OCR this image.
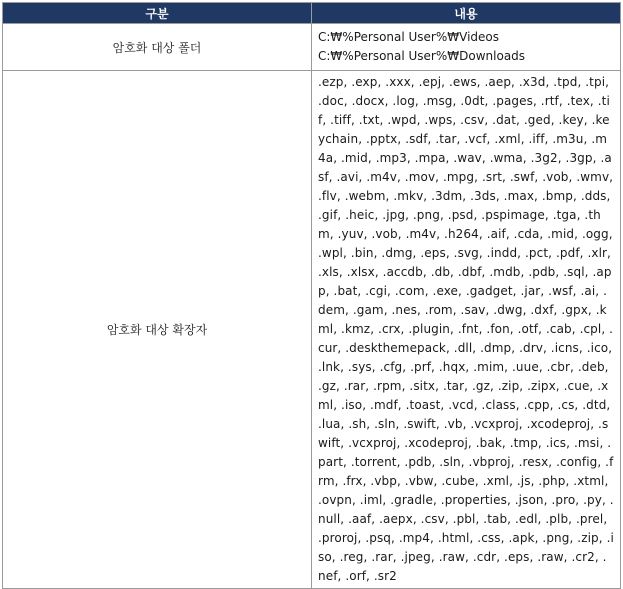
구분	내용
암호화 대상 폴더	C:₩%Personal User%₩Videos
C:₩%Personal User%₩Downloads

암호화 대상 확장자	.ezp, .exp, .xxx, .epj, .ews, .aep, .x3d, .tpd, .tpi, .doc, .docx, .log, .msg, .0dt, .pages, .rtf, .tex, .tif, .tiff, .txt, .wpd, .wps, .csv, .dat, .ged, .key, .keychain, .pptx, .sdf, .tar, .vcf, .xml, .iff, .m3u, .m4a, .mid, .mp3, .mpa, .wav, .wma, .3g2, .3gp, .asf, .avi, .m4v, .mov, .mpg, .srt, .swf, .vob, .wmv, .flv, .webm, .mkv, .3dm, .3ds, .max, .bmp, .dds, .gif, .heic, .jpg, .png, .psd, .pspimage, .tga, .thm, .yuv, .vob, .m4v, .h264, .aif, .cda, .mid, .ogg, .wpl, .bin, .dmg, .eps, .svg, .indd, .pct, .pdf, .xlr, .xls, .xlsx, .accdb, .db, .dbf, .mdb, .pdb, .sql, .app, .bat, .cgi, .com, .exe, .gadget, .jar, .wsf, .ai, .dem, .gam, .nes, .rom, .sav, .dwg, .dxf, .gpx, .kml, .kmz, .crx, .plugin, .fnt, .fon, .otf, .cab, .cpl, .cur, .deskthemepack, .dll, .dmp, .drv, .icns, .ico, .lnk, .sys, .cfg, .prf, .hqx, .mim, .uue, .cbr, .deb, .gz, .rar, .rpm, .sitx, .tar, .gz, .zip, .zipx, .cue, .xml, .iso, .mdf, .toast, .vcd, .class, .cpp, .cs, .dtd, .lua, .sh, .sln, .swift, .vb, .vcxproj, .xcodeproj, .swift, .vcxproj, .xcodeproj, .bak, .tmp, .ics, .msi, .part, .torrent, .pdb, .sln, .vbproj, .resx, .config, .frm, .frx, .vbp, .vbw, .cube, .xml, .js, .php, .xtml, .ovpn, .iml, .gradle, .properties, .json, .pro, .py, .null, .aaf, .aepx, .csv, .pbl, .tab, .edl, .plb, .prel, .proroj, .psq, .mp4, .html, .css, .apk, .png, .zip, .iso, .reg, .rar, .jpeg, .raw, .cdr, .eps, .raw, .cr2, .nef, .orf, .sr2
